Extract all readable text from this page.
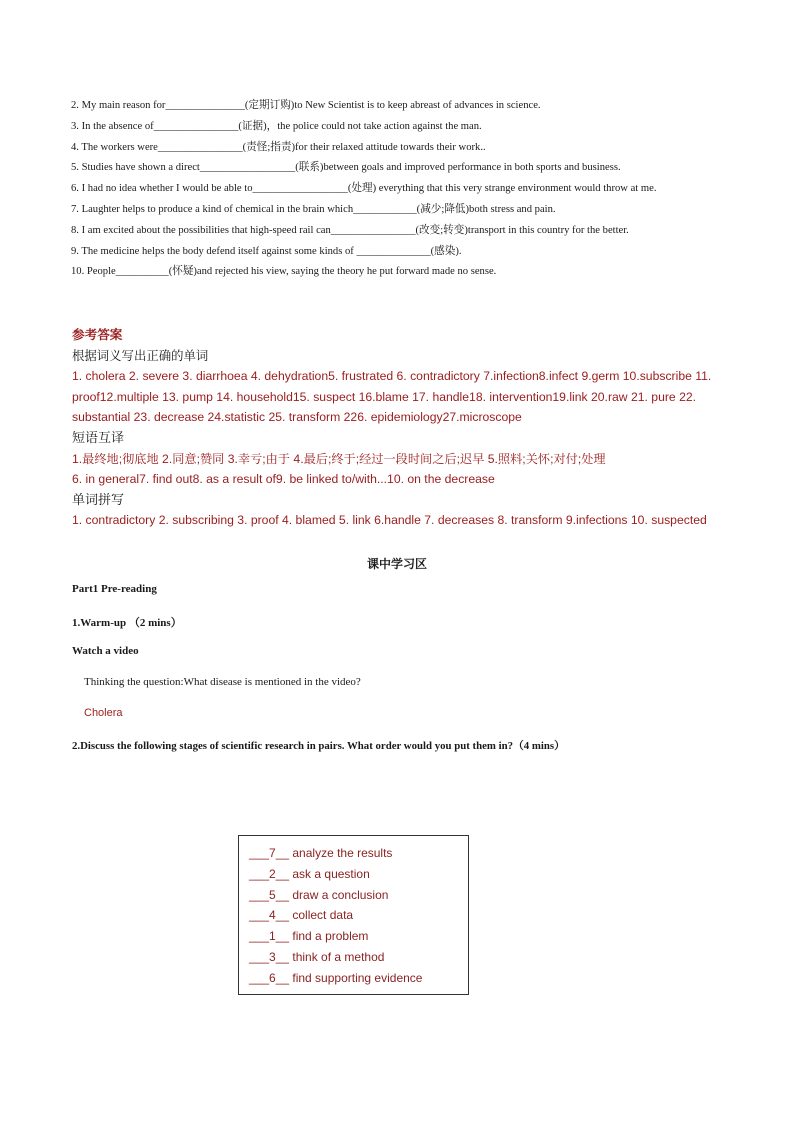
2. My main reason for_______________(定期订购)to New Scientist is to keep abreast of advances in science.

3. In the absence of________________(证据)，the police could not take action against the man.

4. The workers were________________(责怪;指责)for their relaxed attitude towards their work..

5. Studies have shown a direct__________________(联系)between goals and improved performance in both sports and business.

6. I had no idea whether I would be able to__________________(处理) everything that this very strange environment would throw at me.

7. Laughter helps to produce a kind of chemical in the brain which____________(减少;降低)both stress and pain.

8. I am excited about the possibilities that high-speed rail can________________(改变;转变)transport in this country for the better.

9. The medicine helps the body defend itself against some kinds of ______________(感染).

10. People__________(怀疑)and rejected his view, saying the theory he put forward made no sense.

参考答案

根据词义写出正确的单词

1. cholera 2. severe 3. diarrhoea 4. dehydration5. frustrated 6. contradictory 7.infection8.infect 9.germ 10.subscribe 11. proof12.multiple 13. pump 14. household15. suspect 16.blame 17. handle18. intervention19.link 20.raw 21. pure 22. substantial 23. decrease 24.statistic 25. transform 226. epidemiology27.microscope

短语互译

1.最终地;彻底地 2.同意;赞同 3.幸亏;由于 4.最后;终于;经过一段时间之后;迟早 5.照料;关怀;对付;处理

6. in general7. find out8. as a result of9. be linked to/with...10. on the decrease

单词拼写

1. contradictory 2. subscribing 3. proof 4. blamed 5. link 6.handle 7. decreases 8. transform 9.infections 10. suspected

课中学习区
Part1 Pre-reading
1.Warm-up （2 mins）
Watch a video
Thinking the question:What disease is mentioned in the video?
Cholera
2.Discuss the following stages of scientific research in pairs. What order would you put them in?（4 mins）
___7__ analyze the results
___2__ ask a question
___5__ draw a conclusion
___4__ collect data
___1__ find a problem
___3__ think of a method
___6__ find supporting evidence
